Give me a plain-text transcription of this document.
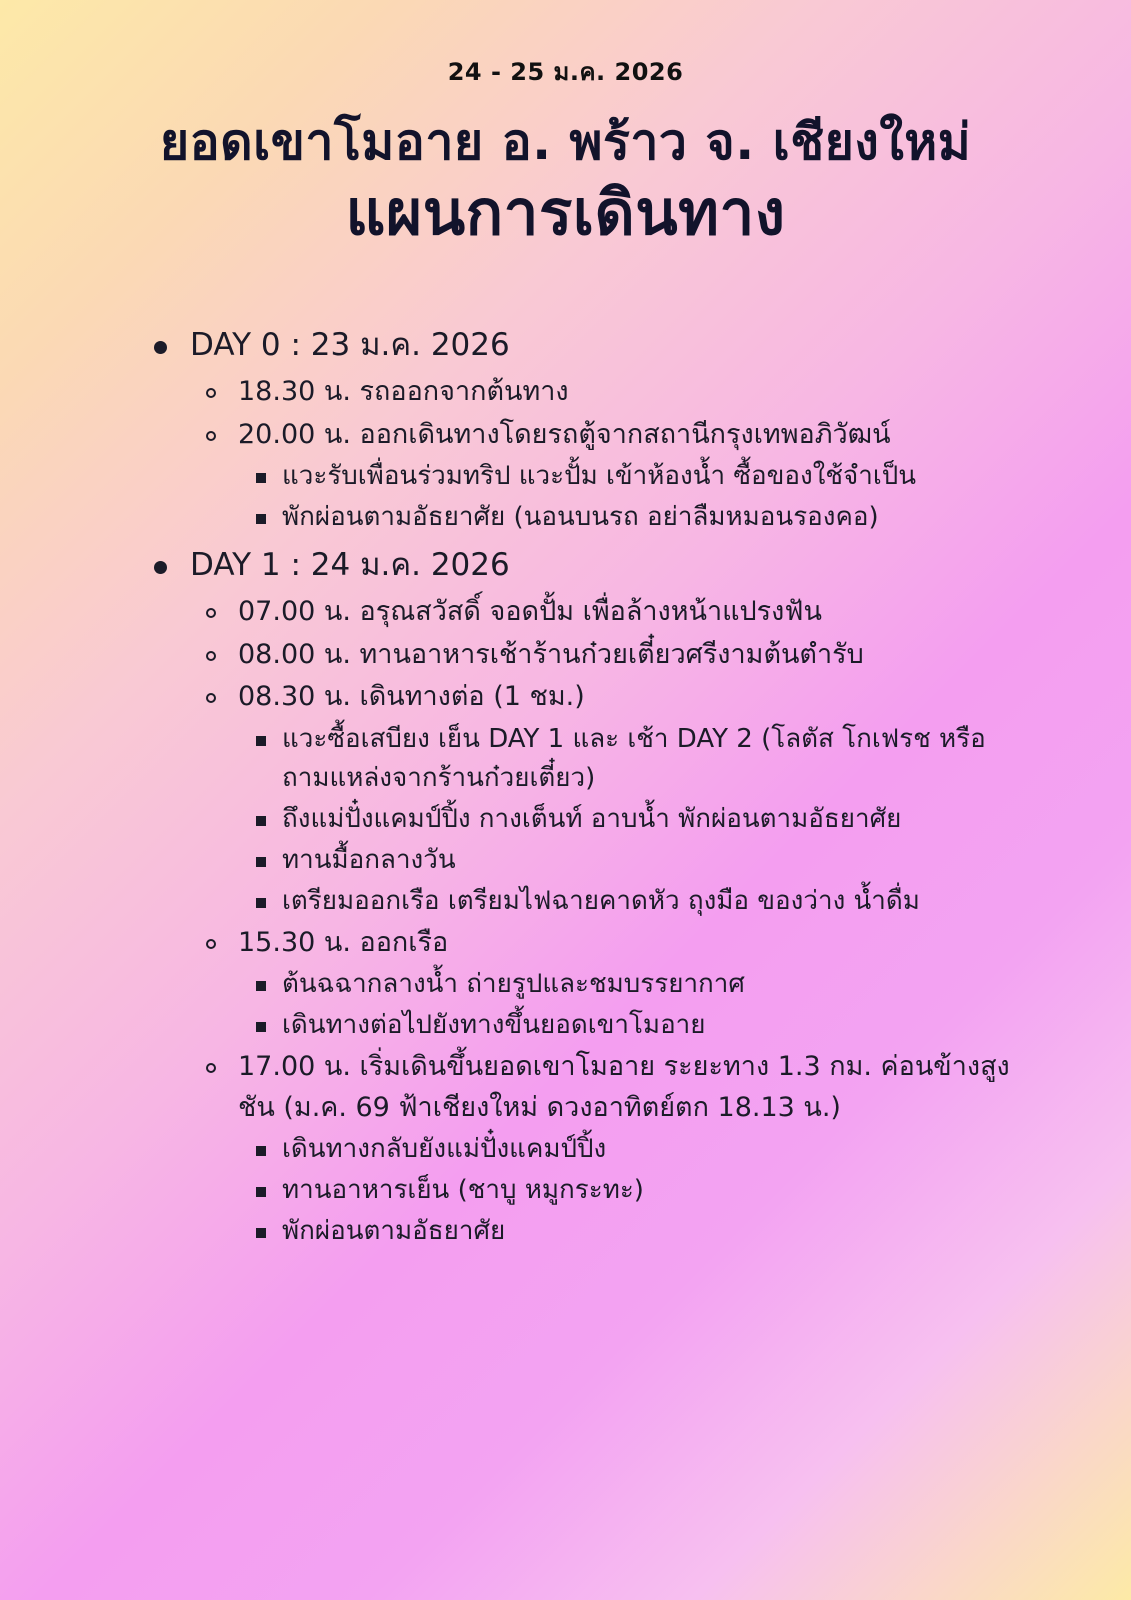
24 - 25 ม.ค. 2026
ยอดเขาโมอาย อ. พร้าว จ. เชียงใหม่
แผนการเดินทาง
DAY 0 : 23 ม.ค. 2026
18.30 น. รถออกจากต้นทาง
20.00 น. ออกเดินทางโดยรถตู้จากสถานีกรุงเทพอภิวัฒน์
แวะรับเพื่อนร่วมทริป แวะปั้ม เข้าห้องน้ำ ซื้อของใช้จำเป็น
พักผ่อนตามอัธยาศัย (นอนบนรถ อย่าลืมหมอนรองคอ)
DAY 1 : 24 ม.ค. 2026
07.00 น. อรุณสวัสดิ์ จอดปั้ม เพื่อล้างหน้าแปรงฟัน
08.00 น. ทานอาหารเช้าร้านก๋วยเตี๋ยวศรีงามต้นตำรับ
08.30 น. เดินทางต่อ (1 ชม.)
แวะซื้อเสบียง เย็น DAY 1 และ เช้า DAY 2 (โลตัส โกเฟรช หรือ ถามแหล่งจากร้านก๋วยเตี๋ยว)
ถึงแม่ปั๋งแคมป์ปิ้ง กางเต็นท์ อาบน้ำ พักผ่อนตามอัธยาศัย
ทานมื้อกลางวัน
เตรียมออกเรือ เตรียมไฟฉายคาดหัว ถุงมือ ของว่าง น้ำดื่ม
15.30 น. ออกเรือ
ต้นฉฉากลางน้ำ ถ่ายรูปและชมบรรยากาศ
เดินทางต่อไปยังทางขึ้นยอดเขาโมอาย
17.00 น. เริ่มเดินขึ้นยอดเขาโมอาย ระยะทาง 1.3 กม. ค่อนข้างสูงชัน (ม.ค. 69 ฟ้าเชียงใหม่ ดวงอาทิตย์ตก 18.13 น.)
เดินทางกลับยังแม่ปั๋งแคมป์ปิ้ง
ทานอาหารเย็น (ชาบู หมูกระทะ)
พักผ่อนตามอัธยาศัย
